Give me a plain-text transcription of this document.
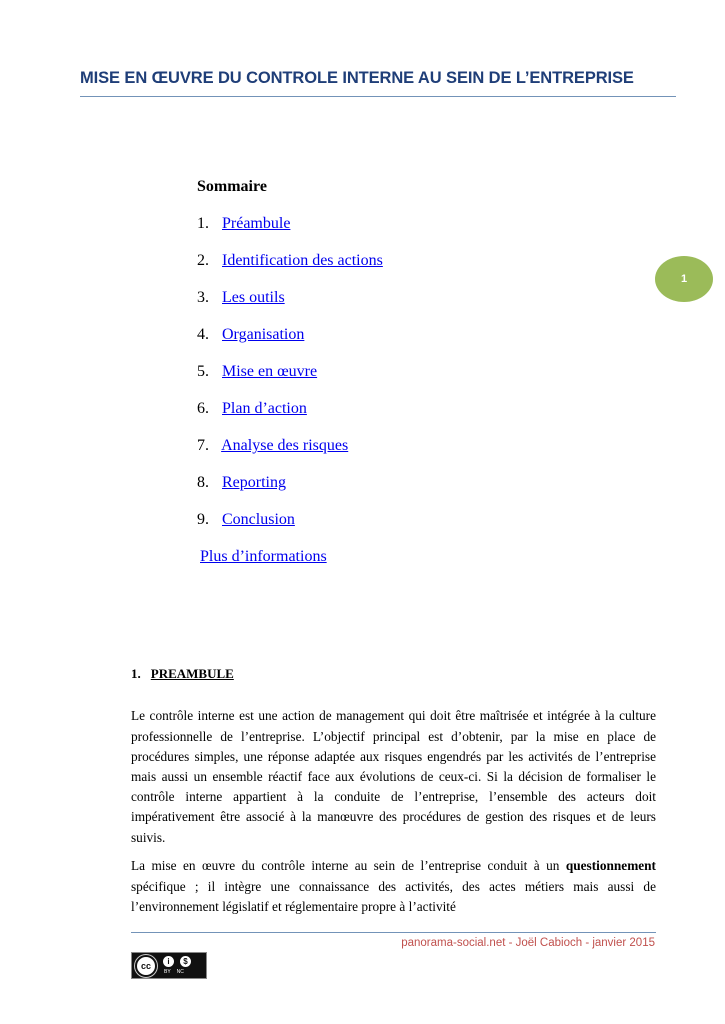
MISE EN ŒUVRE DU CONTROLE INTERNE AU SEIN DE L’ENTREPRISE
1
Sommaire
1. Préambule
2. Identification des actions
3. Les outils
4. Organisation
5. Mise en œuvre
6. Plan d’action
7. Analyse des risques
8. Reporting
9. Conclusion
Plus d’informations
1. PREAMBULE

Le contrôle interne est une action de management qui doit être maîtrisée et intégrée à la culture professionnelle de l’entreprise. L’objectif principal est d’obtenir, par la mise en place de procédures simples, une réponse adaptée aux risques engendrés par les activités de l’entreprise mais aussi un ensemble réactif face aux évolutions de ceux-ci. Si la décision de formaliser le contrôle interne appartient à la conduite de l’entreprise, l’ensemble des acteurs doit impérativement être associé à la manœuvre des procédures de gestion des risques et de leurs suivis.

La mise en œuvre du contrôle interne au sein de l’entreprise conduit à un questionnement spécifique ; il intègre une connaissance des activités, des actes métiers mais aussi de l’environnement législatif et réglementaire propre à l’activité

panorama-social.net - Joël Cabioch - janvier 2015
cc	i	$
BY NC
